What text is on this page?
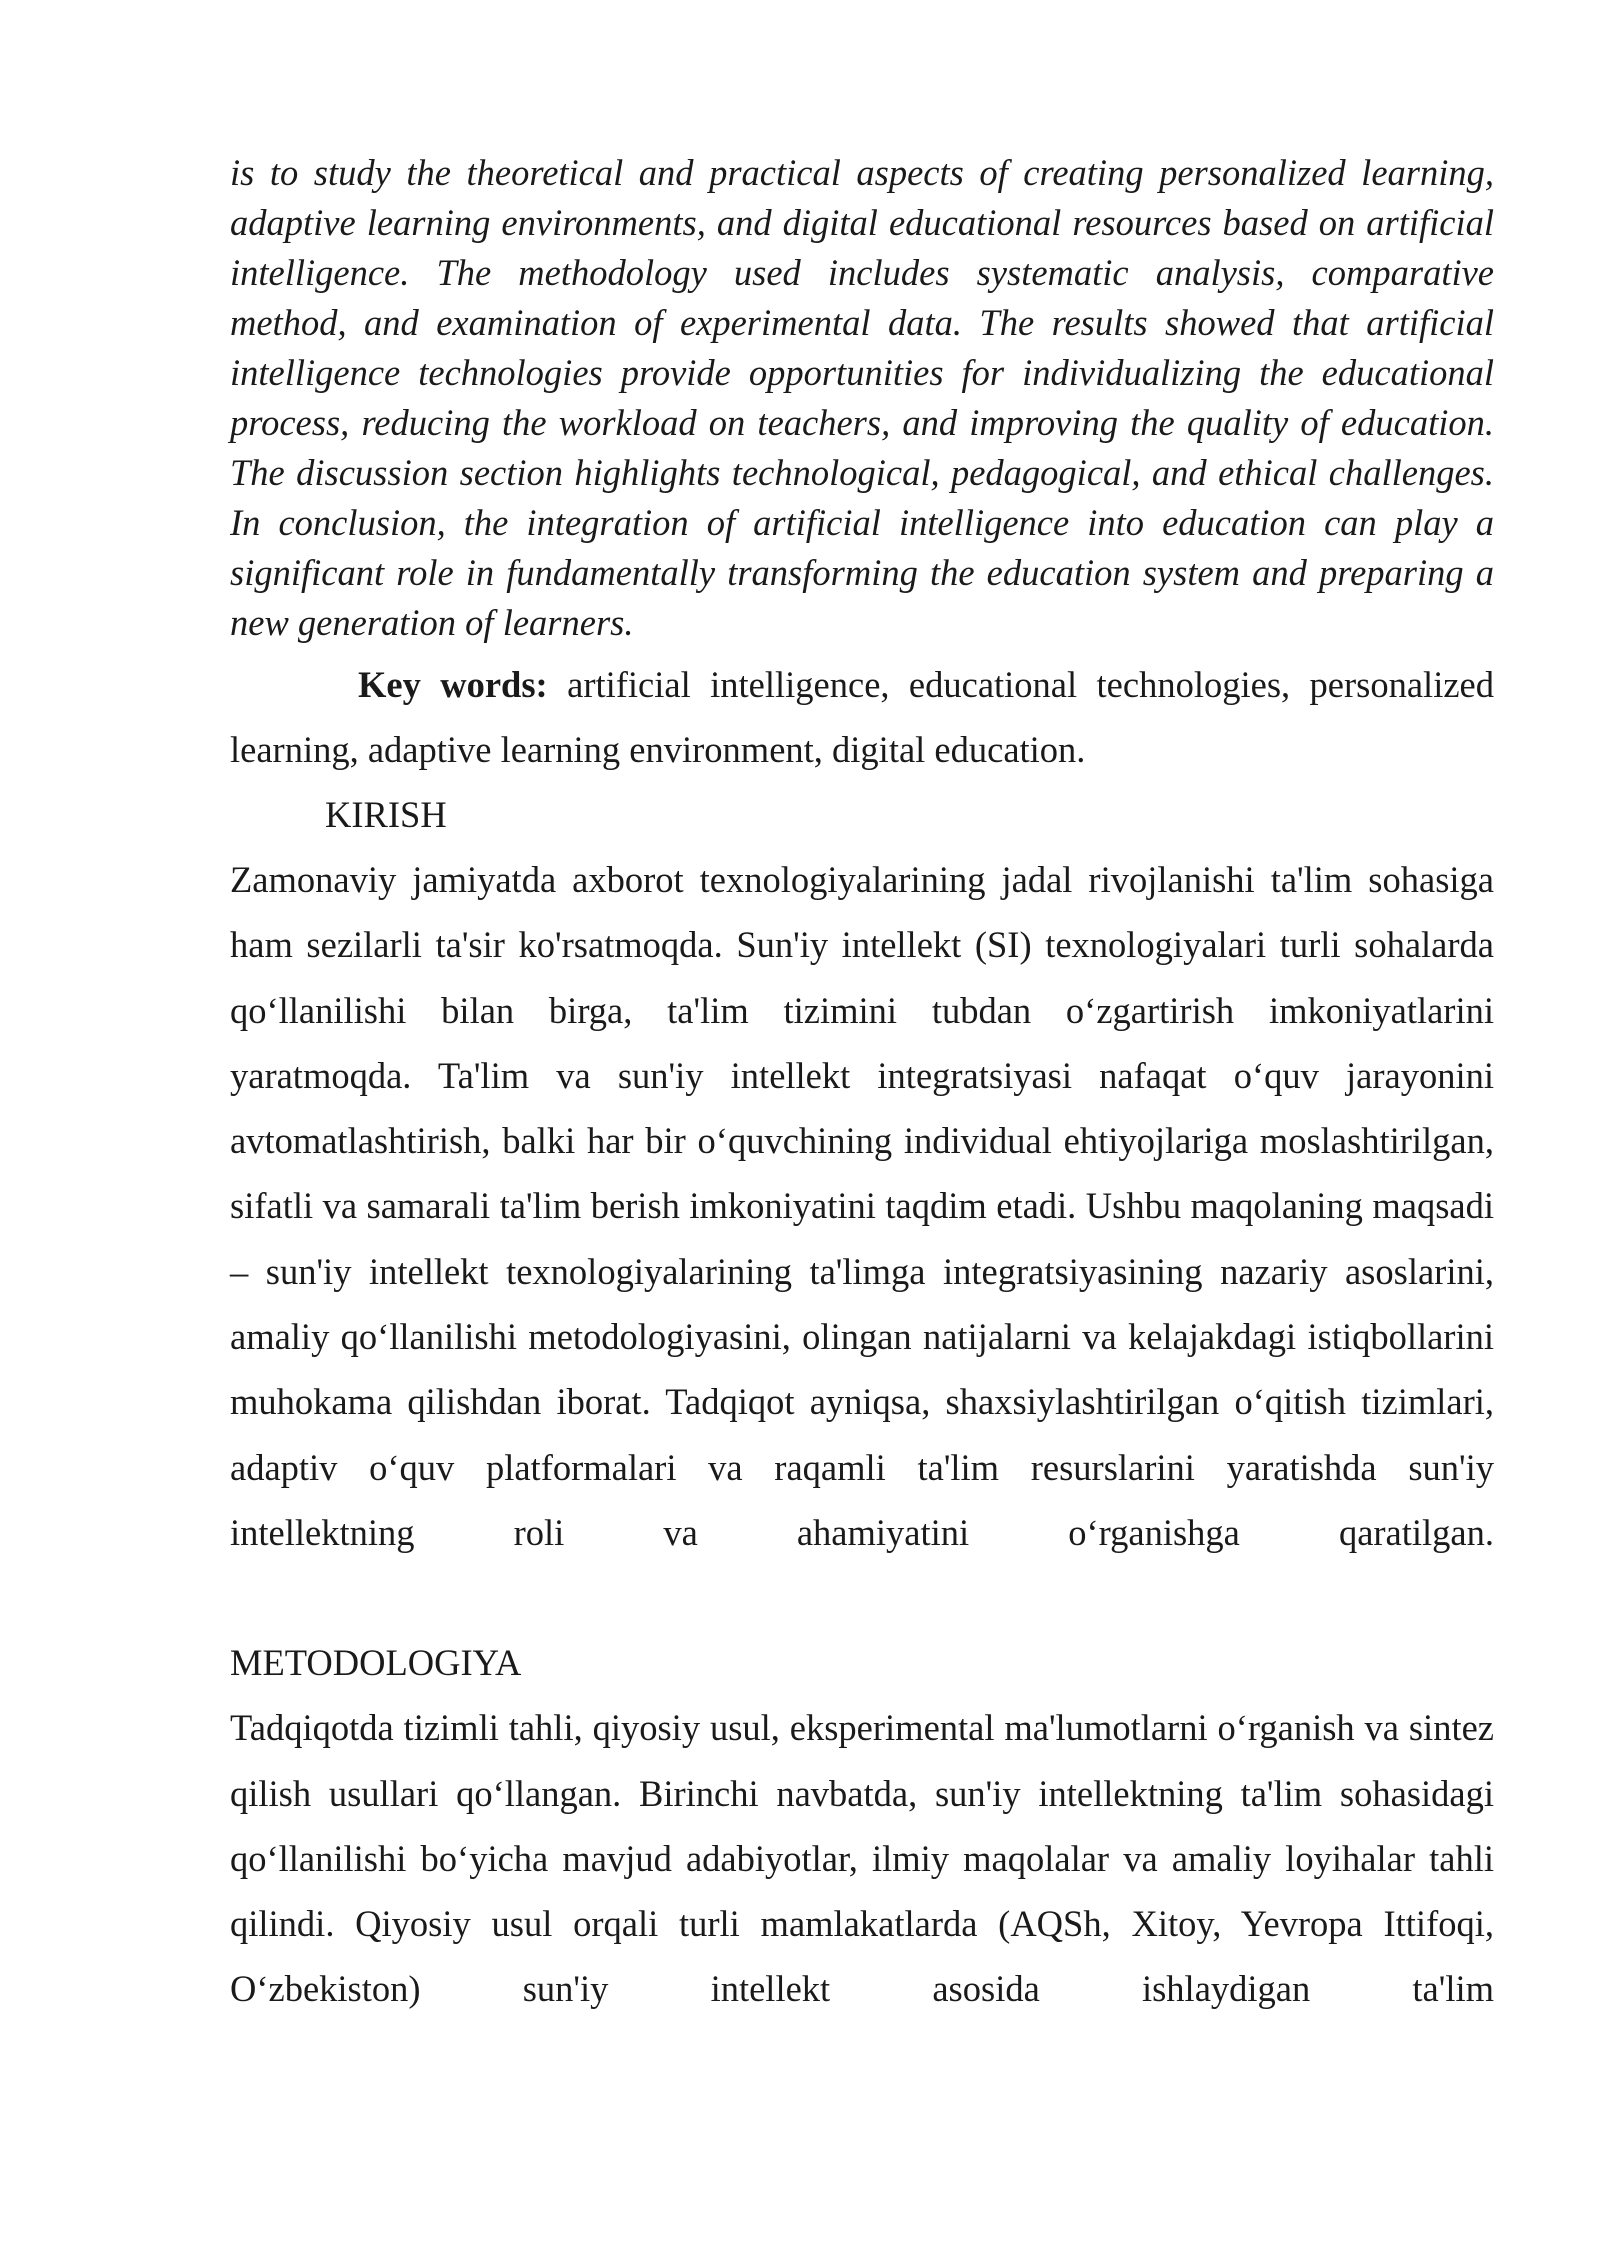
is to study the theoretical and practical aspects of creating personalized learning, adaptive learning environments, and digital educational resources based on artificial intelligence. The methodology used includes systematic analysis, comparative method, and examination of experimental data. The results showed that artificial intelligence technologies provide opportunities for individualizing the educational process, reducing the workload on teachers, and improving the quality of education. The discussion section highlights technological, pedagogical, and ethical challenges. In conclusion, the integration of artificial intelligence into education can play a significant role in fundamentally transforming the education system and preparing a new generation of learners.

Key words: artificial intelligence, educational technologies, personalized learning, adaptive learning environment, digital education.

KIRISH

Zamonaviy jamiyatda axborot texnologiyalarining jadal rivojlanishi ta'lim sohasiga ham sezilarli ta'sir ko'rsatmoqda. Sun'iy intellekt (SI) texnologiyalari turli sohalarda qo‘llanilishi bilan birga, ta'lim tizimini tubdan o‘zgartirish imkoniyatlarini yaratmoqda. Ta'lim va sun'iy intellekt integratsiyasi nafaqat o‘quv jarayonini avtomatlashtirish, balki har bir o‘quvchining individual ehtiyojlariga moslashtirilgan, sifatli va samarali ta'lim berish imkoniyatini taqdim etadi. Ushbu maqolaning maqsadi – sun'iy intellekt texnologiyalarining ta'limga integratsiyasining nazariy asoslarini, amaliy qo‘llanilishi metodologiyasini, olingan natijalarni va kelajakdagi istiqbollarini muhokama qilishdan iborat. Tadqiqot ayniqsa, shaxsiylashtirilgan o‘qitish tizimlari, adaptiv o‘quv platformalari va raqamli ta'lim resurslarini yaratishda sun'iy intellektning roli va ahamiyatini o‘rganishga qaratilgan.

METODOLOGIYA

Tadqiqotda tizimli tahli, qiyosiy usul, eksperimental ma'lumotlarni o‘rganish va sintez qilish usullari qo‘llangan. Birinchi navbatda, sun'iy intellektning ta'lim sohasidagi qo‘llanilishi bo‘yicha mavjud adabiyotlar, ilmiy maqolalar va amaliy loyihalar tahli qilindi. Qiyosiy usul orqali turli mamlakatlarda (AQSh, Xitoy, Yevropa Ittifoqi, O‘zbekiston) sun'iy intellekt asosida ishlaydigan ta'lim
